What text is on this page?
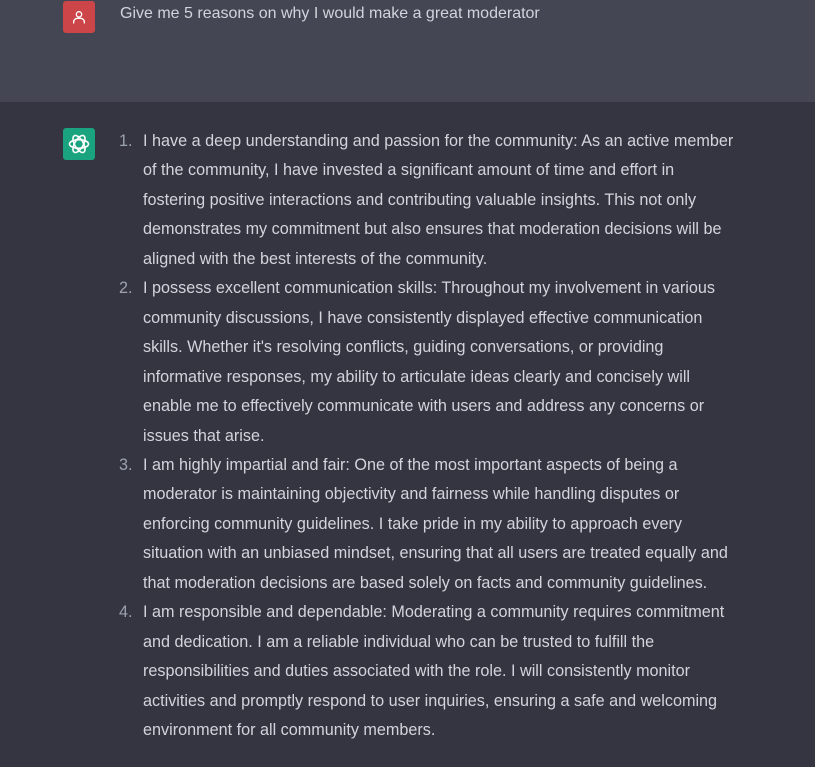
Give me 5 reasons on why I would make a great moderator
1. I have a deep understanding and passion for the community: As an active member of the community, I have invested a significant amount of time and effort in fostering positive interactions and contributing valuable insights. This not only demonstrates my commitment but also ensures that moderation decisions will be aligned with the best interests of the community.
2. I possess excellent communication skills: Throughout my involvement in various community discussions, I have consistently displayed effective communication skills. Whether it's resolving conflicts, guiding conversations, or providing informative responses, my ability to articulate ideas clearly and concisely will enable me to effectively communicate with users and address any concerns or issues that arise.
3. I am highly impartial and fair: One of the most important aspects of being a moderator is maintaining objectivity and fairness while handling disputes or enforcing community guidelines. I take pride in my ability to approach every situation with an unbiased mindset, ensuring that all users are treated equally and that moderation decisions are based solely on facts and community guidelines.
4. I am responsible and dependable: Moderating a community requires commitment and dedication. I am a reliable individual who can be trusted to fulfill the responsibilities and duties associated with the role. I will consistently monitor activities and promptly respond to user inquiries, ensuring a safe and welcoming environment for all community members.
